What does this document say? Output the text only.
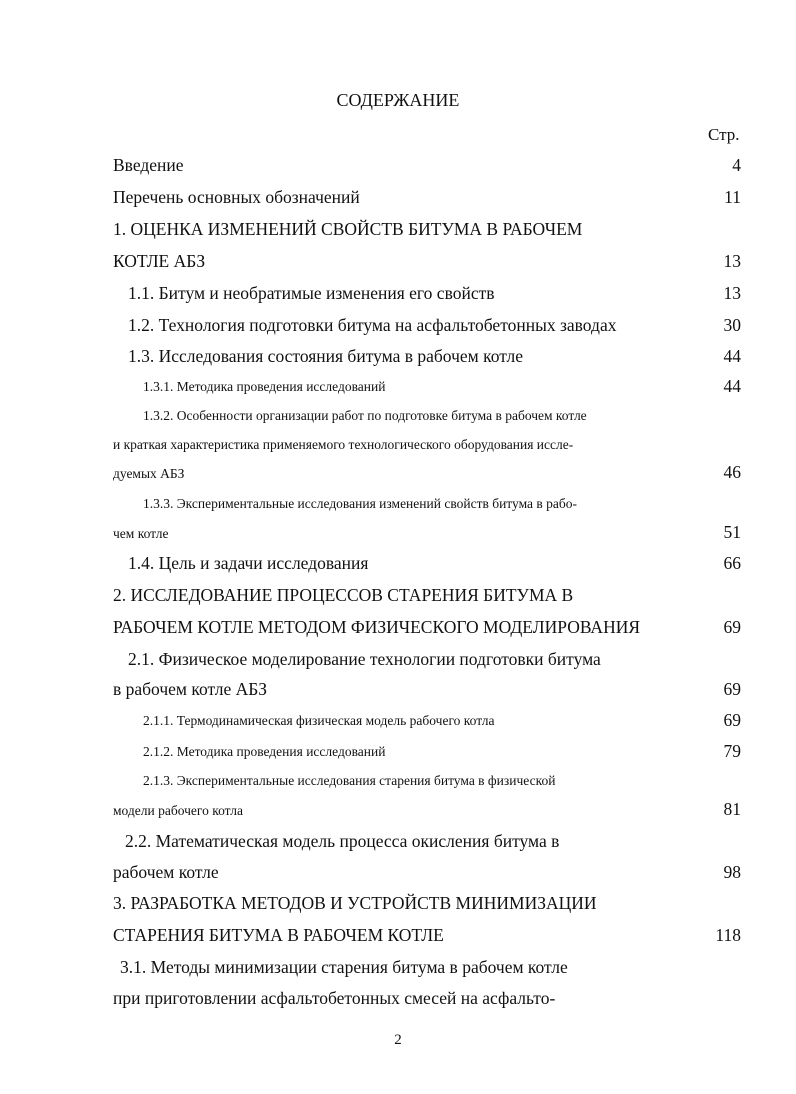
СОДЕРЖАНИЕ
Стр.
Введение	4
Перечень основных обозначений	11
1. ОЦЕНКА ИЗМЕНЕНИЙ СВОЙСТВ БИТУМА В РАБОЧЕМ
КОТЛЕ АБЗ	13
1.1. Битум и необратимые изменения его свойств	13
1.2. Технология подготовки битума на асфальтобетонных заводах	30
1.3. Исследования состояния битума в рабочем котле	44
1.3.1. Методика проведения исследований	44
1.3.2. Особенности организации работ по подготовке битума в рабочем котле
и краткая характеристика применяемого технологического оборудования иссле-
дуемых АБЗ	46
1.3.3. Экспериментальные исследования изменений свойств битума в рабо-
чем котле	51
1.4. Цель и задачи исследования	66
2. ИССЛЕДОВАНИЕ ПРОЦЕССОВ СТАРЕНИЯ БИТУМА В
РАБОЧЕМ КОТЛЕ МЕТОДОМ ФИЗИЧЕСКОГО МОДЕЛИРОВАНИЯ	69
2.1. Физическое моделирование технологии подготовки битума
в рабочем котле АБЗ	69
2.1.1. Термодинамическая физическая модель рабочего котла	69
2.1.2. Методика проведения исследований	79
2.1.3. Экспериментальные исследования старения битума в физической
модели рабочего котла	81
2.2. Математическая модель процесса окисления битума в
рабочем котле	98
3. РАЗРАБОТКА МЕТОДОВ И УСТРОЙСТВ МИНИМИЗАЦИИ
СТАРЕНИЯ БИТУМА В РАБОЧЕМ КОТЛЕ	118
3.1. Методы минимизации старения битума в рабочем котле
при приготовлении асфальтобетонных смесей на асфальто-
2
